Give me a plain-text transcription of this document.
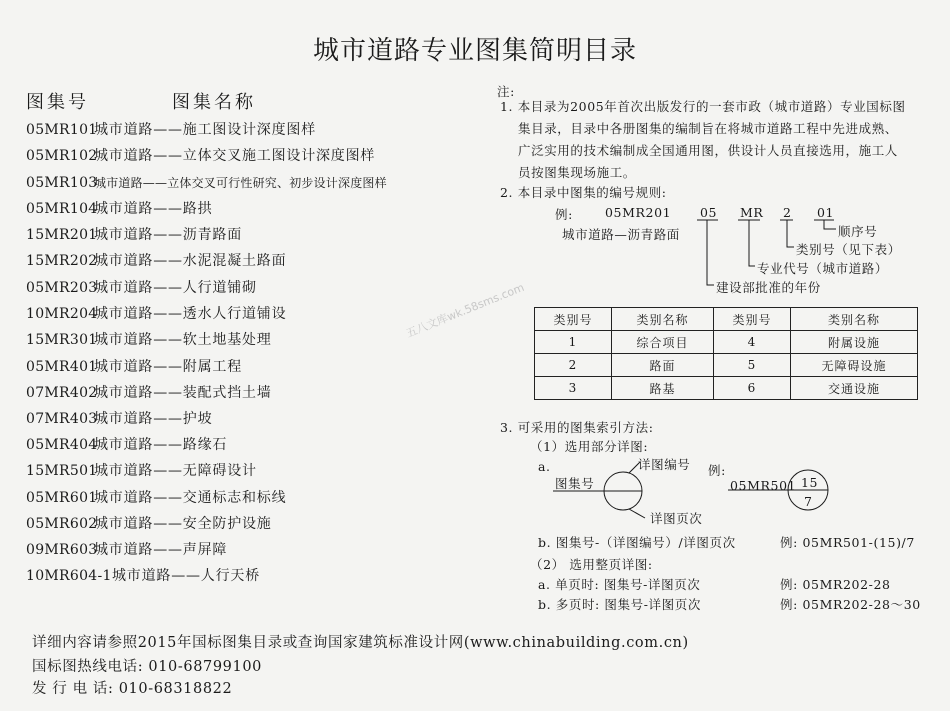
城市道路专业图集简明目录
图集号	图集名称
05MR101城市道路——施工图设计深度图样
05MR102城市道路——立体交叉施工图设计深度图样
05MR103城市道路——立体交叉可行性研究、初步设计深度图样
05MR104城市道路——路拱
15MR201城市道路——沥青路面
15MR202城市道路——水泥混凝土路面
05MR203城市道路——人行道铺砌
10MR204城市道路——透水人行道铺设
15MR301城市道路——软土地基处理
05MR401城市道路——附属工程
07MR402城市道路——装配式挡土墙
07MR403城市道路——护坡
05MR404城市道路——路缘石
15MR501城市道路——无障碍设计
05MR601城市道路——交通标志和标线
05MR602城市道路——安全防护设施
09MR603城市道路——声屏障
10MR604-1城市道路——人行天桥
注:
1. 本目录为2005年首次出版发行的一套市政（城市道路）专业国标图
集目录，目录中各册图集的编制旨在将城市道路工程中先进成熟、
广泛实用的技术编制成全国通用图，供设计人员直接选用，施工人
员按图集现场施工。
2. 本目录中图集的编号规则:
例:	05MR201
城市道路—沥青路面
05 MR 2 01
顺序号
类别号（见下表）
专业代号（城市道路）
建设部批准的年份
类别号	类别名称	类别号	类别名称
1	综合项目	4	附属设施
2	路面	5	无障碍设施
3	路基	6	交通设施
3. 可采用的图集索引方法:
（1）选用部分详图:
a.	详图编号
图集号
详图页次
例:
05MR501 15
7
b. 图集号-（详图编号）/详图页次	例: 05MR501-(15)/7
（2） 选用整页详图:
a. 单页时: 图集号-详图页次	例: 05MR202-28
b. 多页时: 图集号-详图页次	例: 05MR202-28～30
详细内容请参照2015年国标图集目录或查询国家建筑标准设计网(www.chinabuilding.com.cn)
国标图热线电话: 010-68799100
发 行 电 话: 010-68318822
五八文库wk.58sms.com
